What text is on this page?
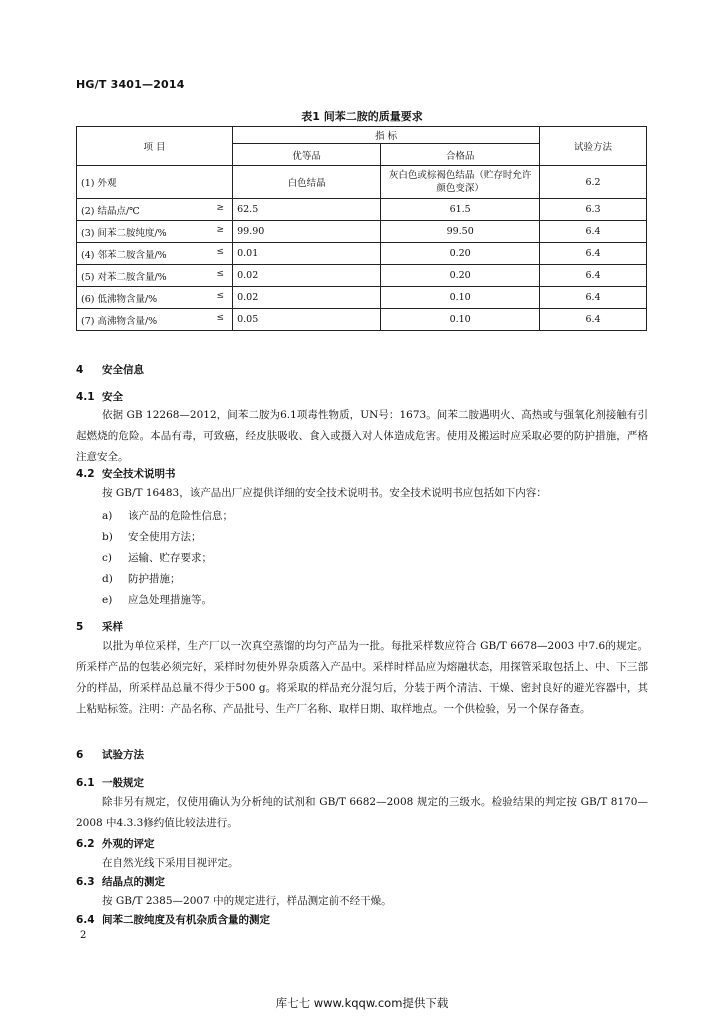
HG/T 3401—2014
表1 间苯二胺的质量要求
项 目	指 标		试验方法
	优等品	合格品	

(1) 外观	白色结晶	灰白色或棕褐色结晶（贮存时允许颜色变深）	6.2

(2) 结晶点/℃ ≥	62.5	61.5	6.3

(3) 间苯二胺纯度/% ≥	99.90	99.50	6.4

(4) 邻苯二胺含量/% ≤	0.01	0.20	6.4

(5) 对苯二胺含量/% ≤	0.02	0.20	6.4

(6) 低沸物含量/% ≤	0.02	0.10	6.4

(7) 高沸物含量/% ≤	0.05	0.10	6.4
4 安全信息
4.1 安全
依据 GB 12268—2012，间苯二胺为6.1项毒性物质，UN号：1673。间苯二胺遇明火、高热或与强氧化剂接触有引起燃烧的危险。本品有毒，可致癌，经皮肤吸收、食入或摄入对人体造成危害。使用及搬运时应采取必要的防护措施，严格注意安全。
4.2 安全技术说明书
按 GB/T 16483，该产品出厂应提供详细的安全技术说明书。安全技术说明书应包括如下内容：
a) 该产品的危险性信息；
b) 安全使用方法；
c) 运输、贮存要求；
d) 防护措施；
e) 应急处理措施等。
5 采样
以批为单位采样，生产厂以一次真空蒸馏的均匀产品为一批。每批采样数应符合 GB/T 6678—2003 中7.6的规定。所采样产品的包装必须完好，采样时勿使外界杂质落入产品中。采样时样品应为熔融状态，用探管采取包括上、中、下三部分的样品，所采样品总量不得少于500 g。将采取的样品充分混匀后，分装于两个清洁、干燥、密封良好的避光容器中，其上粘贴标签。注明：产品名称、产品批号、生产厂名称、取样日期、取样地点。一个供检验，另一个保存备查。
6 试验方法
6.1 一般规定
除非另有规定，仅使用确认为分析纯的试剂和 GB/T 6682—2008 规定的三级水。检验结果的判定按 GB/T 8170—2008 中4.3.3修约值比较法进行。
6.2 外观的评定
在自然光线下采用目视评定。
6.3 结晶点的测定
按 GB/T 2385—2007 中的规定进行，样品测定前不经干燥。
6.4 间苯二胺纯度及有机杂质含量的测定
2
库七七 www.kqqw.com提供下载
